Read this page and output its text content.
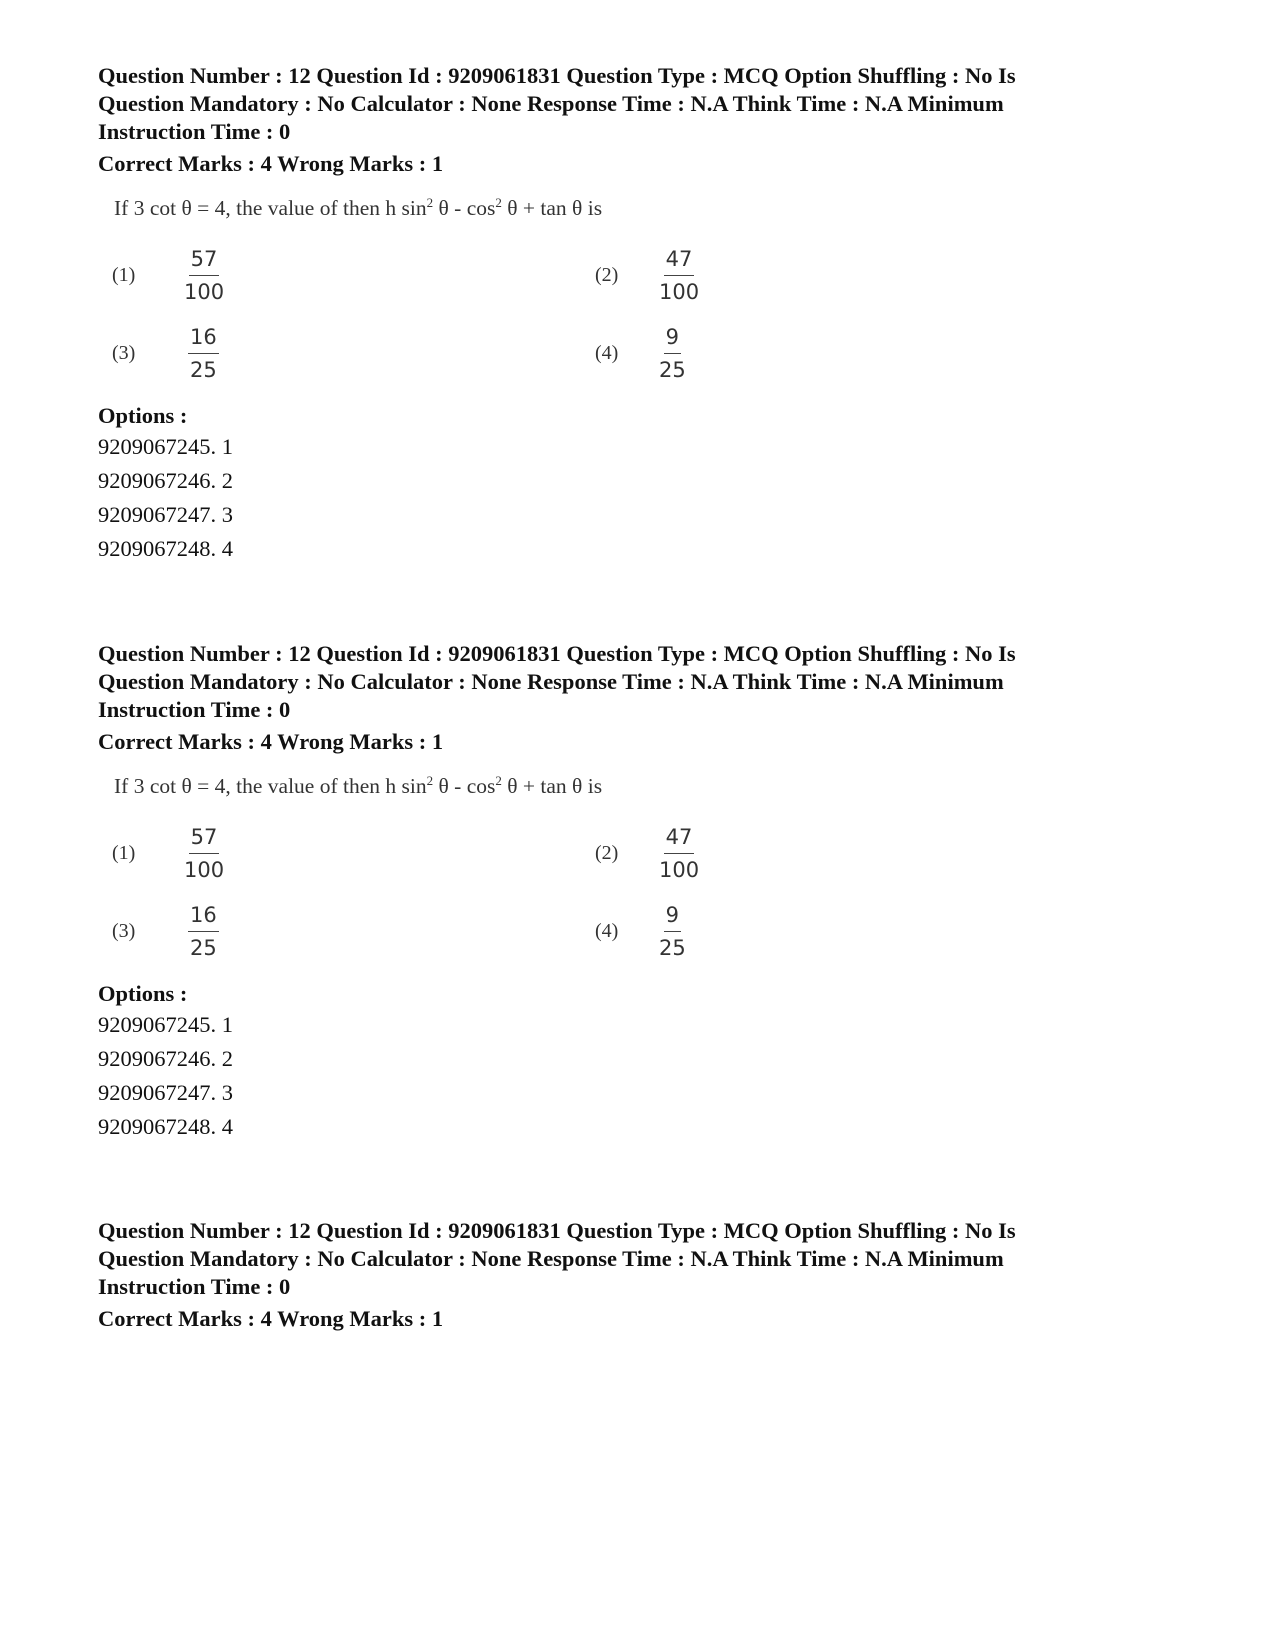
Question Number : 12 Question Id : 9209061831 Question Type : MCQ Option Shuffling : No Is

Question Mandatory : No Calculator : None Response Time : N.A Think Time : N.A Minimum

Instruction Time : 0

Correct Marks : 4 Wrong Marks : 1
If 3 cot θ = 4, the value of then h $\sin^2 \theta - \cos^2 \theta + \tan \theta$ is
(1)	$\frac{57}{100}$	(2)	$\frac{47}{100}$
(3)	$\frac{16}{25}$	(4)	$\frac{9}{25}$
Options :
9209067245. 1
9209067246. 2
9209067247. 3
9209067248. 4

Question Number : 12 Question Id : 9209061831 Question Type : MCQ Option Shuffling : No Is

Question Mandatory : No Calculator : None Response Time : N.A Think Time : N.A Minimum

Instruction Time : 0

Correct Marks : 4 Wrong Marks : 1
If 3 cot θ = 4, the value of then h $\sin^2 \theta - \cos^2 \theta + \tan \theta$ is
(1)	$\frac{57}{100}$	(2)	$\frac{47}{100}$
(3)	$\frac{16}{25}$	(4)	$\frac{9}{25}$
Options :
9209067245. 1
9209067246. 2
9209067247. 3
9209067248. 4

Question Number : 12 Question Id : 9209061831 Question Type : MCQ Option Shuffling : No Is

Question Mandatory : No Calculator : None Response Time : N.A Think Time : N.A Minimum

Instruction Time : 0

Correct Marks : 4 Wrong Marks : 1
